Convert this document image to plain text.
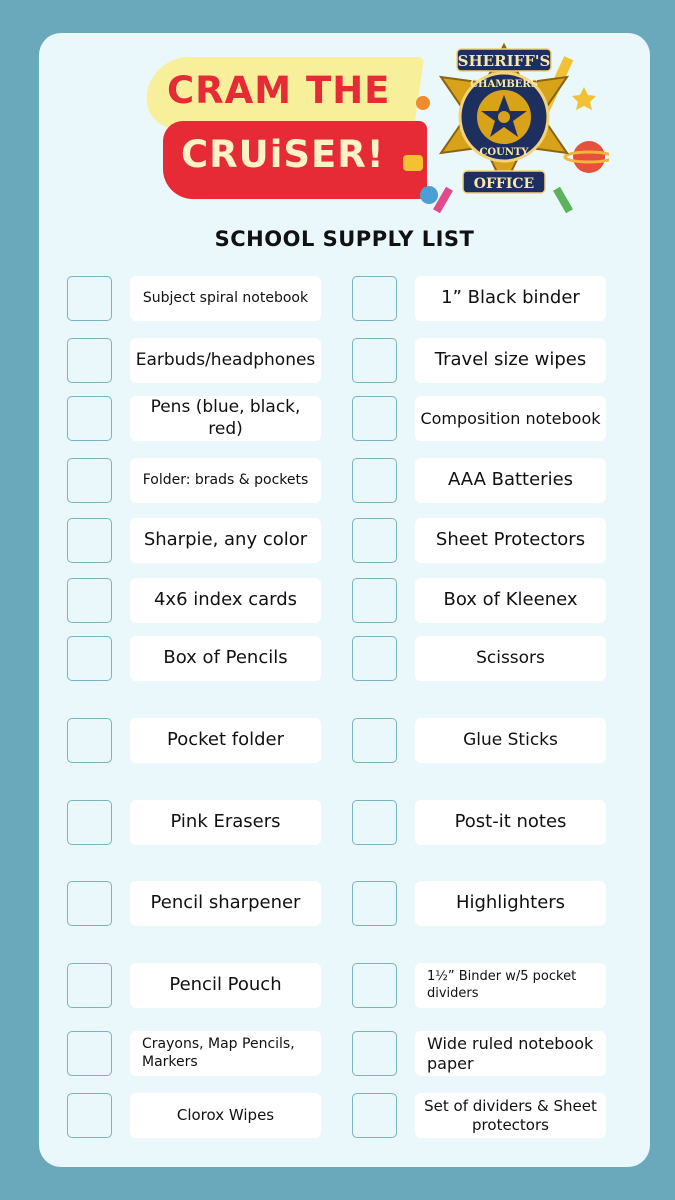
CRAM THE
CRUiSER!
SHERIFF'S
CHAMBERS
COUNTY
OFFICE
SCHOOL SUPPLY LIST
Subject spiral notebook
Earbuds/headphones
Pens (blue, black, red)
Folder: brads & pockets
Sharpie, any color
4x6 index cards
Box of Pencils
Pocket folder
Pink Erasers
Pencil sharpener
Pencil Pouch
Crayons, Map Pencils, Markers
Clorox Wipes
1” Black binder
Travel size wipes
Composition notebook
AAA Batteries
Sheet Protectors
Box of Kleenex
Scissors
Glue Sticks
Post-it notes
Highlighters
1½” Binder w/5 pocket dividers
Wide ruled notebook paper
Set of dividers & Sheet protectors
